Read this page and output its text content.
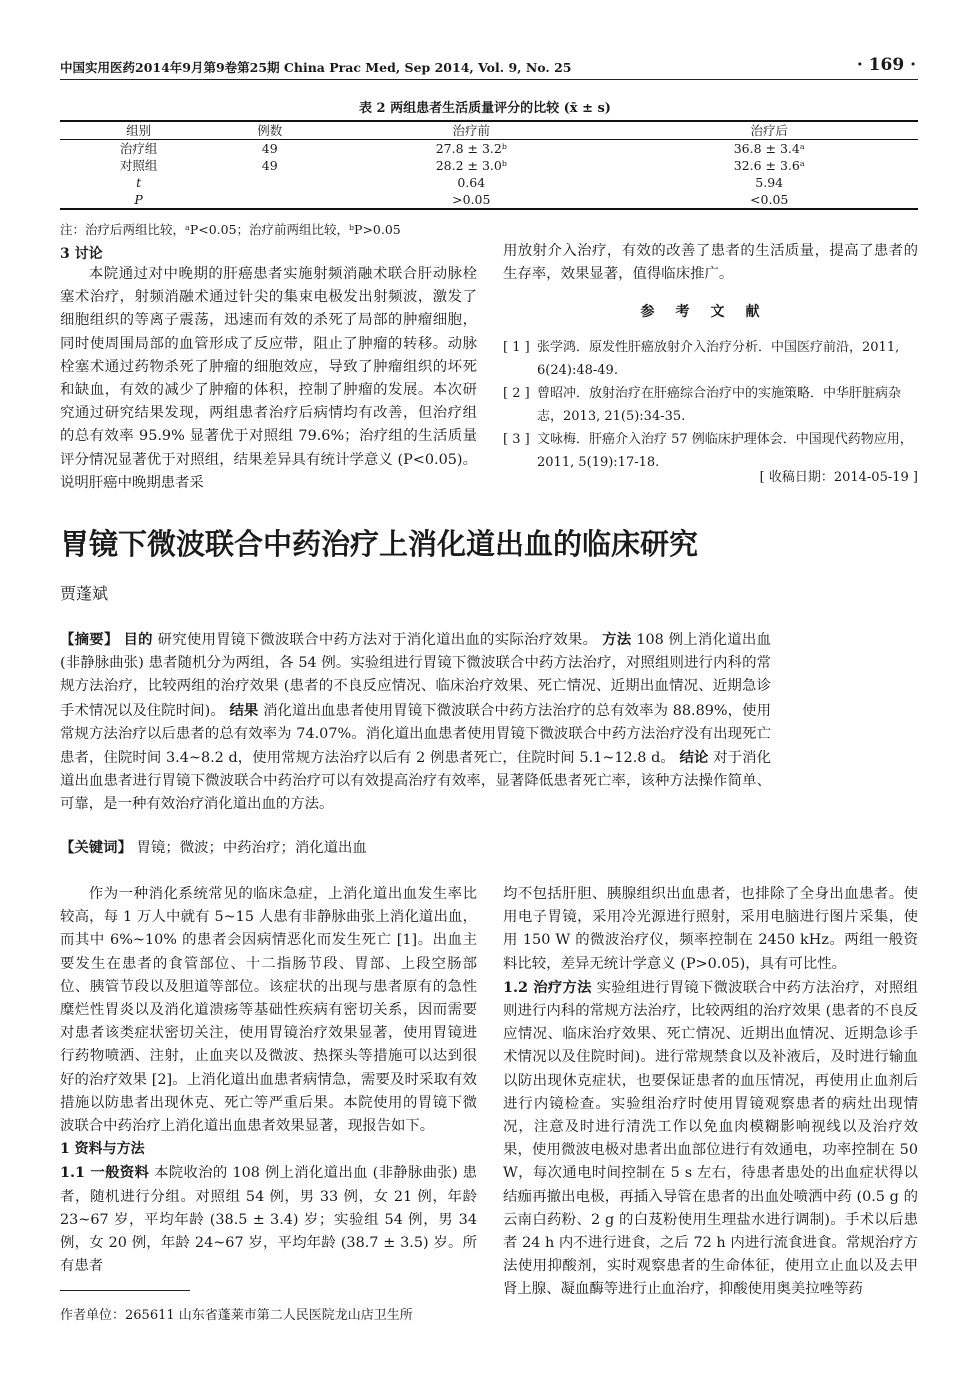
中国实用医药2014年9月第9卷第25期 China Prac Med, Sep 2014, Vol. 9, No. 25	· 169 ·
表 2 两组患者生活质量评分的比较 (x̄ ± s)
组别	例数	治疗前	治疗后
治疗组	49	27.8 ± 3.2ᵇ	36.8 ± 3.4ᵃ
对照组	49	28.2 ± 3.0ᵇ	32.6 ± 3.6ᵃ
t		0.64	5.94
P		>0.05	<0.05
注：治疗后两组比较，ᵃP<0.05；治疗前两组比较，ᵇP>0.05
3 讨论

本院通过对中晚期的肝癌患者实施射频消融术联合肝动脉栓塞术治疗，射频消融术通过针尖的集束电极发出射频波，激发了细胞组织的等离子震荡，迅速而有效的杀死了局部的肿瘤细胞，同时使周围局部的血管形成了反应带，阻止了肿瘤的转移。动脉栓塞术通过药物杀死了肿瘤的细胞效应，导致了肿瘤组织的坏死和缺血，有效的减少了肿瘤的体积，控制了肿瘤的发展。本次研究通过研究结果发现，两组患者治疗后病情均有改善，但治疗组的总有效率 95.9% 显著优于对照组 79.6%；治疗组的生活质量评分情况显著优于对照组，结果差异具有统计学意义 (P<0.05)。说明肝癌中晚期患者采

用放射介入治疗，有效的改善了患者的生活质量，提高了患者的生存率，效果显著，值得临床推广。

参考文献
[ 1 ] 张学鸿．原发性肝癌放射介入治疗分析．中国医疗前沿，2011, 6(24):48-49.
[ 2 ] 曾昭冲．放射治疗在肝癌综合治疗中的实施策略．中华肝脏病杂志，2013, 21(5):34-35.
[ 3 ] 文咏梅．肝癌介入治疗 57 例临床护理体会．中国现代药物应用，2011, 5(19):17-18.
[ 收稿日期：2014-05-19 ]
胃镜下微波联合中药治疗上消化道出血的临床研究
贾蓬斌
【摘要】 目的 研究使用胃镜下微波联合中药方法对于消化道出血的实际治疗效果。 方法 108 例上消化道出血 (非静脉曲张) 患者随机分为两组，各 54 例。实验组进行胃镜下微波联合中药方法治疗，对照组则进行内科的常规方法治疗，比较两组的治疗效果 (患者的不良反应情况、临床治疗效果、死亡情况、近期出血情况、近期急诊手术情况以及住院时间)。 结果 消化道出血患者使用胃镜下微波联合中药方法治疗的总有效率为 88.89%，使用常规方法治疗以后患者的总有效率为 74.07%。消化道出血患者使用胃镜下微波联合中药方法治疗没有出现死亡患者，住院时间 3.4~8.2 d，使用常规方法治疗以后有 2 例患者死亡，住院时间 5.1~12.8 d。 结论 对于消化道出血患者进行胃镜下微波联合中药治疗可以有效提高治疗有效率，显著降低患者死亡率，该种方法操作简单、可靠，是一种有效治疗消化道出血的方法。
【关键词】 胃镜；微波；中药治疗；消化道出血

作为一种消化系统常见的临床急症，上消化道出血发生率比较高，每 1 万人中就有 5~15 人患有非静脉曲张上消化道出血，而其中 6%~10% 的患者会因病情恶化而发生死亡 [1]。出血主要发生在患者的食管部位、十二指肠节段、胃部、上段空肠部位、胰管节段以及胆道等部位。该症状的出现与患者原有的急性糜烂性胃炎以及消化道溃疡等基础性疾病有密切关系，因而需要对患者该类症状密切关注，使用胃镜治疗效果显著，使用胃镜进行药物喷洒、注射，止血夹以及微波、热探头等措施可以达到很好的治疗效果 [2]。上消化道出血患者病情急，需要及时采取有效措施以防患者出现休克、死亡等严重后果。本院使用的胃镜下微波联合中药治疗上消化道出血患者效果显著，现报告如下。

1 资料与方法

1.1 一般资料 本院收治的 108 例上消化道出血 (非静脉曲张) 患者，随机进行分组。对照组 54 例，男 33 例，女 21 例，年龄 23~67 岁，平均年龄 (38.5 ± 3.4) 岁；实验组 54 例，男 34 例，女 20 例，年龄 24~67 岁，平均年龄 (38.7 ± 3.5) 岁。所有患者

均不包括肝胆、胰腺组织出血患者，也排除了全身出血患者。使用电子胃镜，采用冷光源进行照射，采用电脑进行图片采集，使用 150 W 的微波治疗仪，频率控制在 2450 kHz。两组一般资料比较，差异无统计学意义 (P>0.05)，具有可比性。

1.2 治疗方法 实验组进行胃镜下微波联合中药方法治疗，对照组则进行内科的常规方法治疗，比较两组的治疗效果 (患者的不良反应情况、临床治疗效果、死亡情况、近期出血情况、近期急诊手术情况以及住院时间)。进行常规禁食以及补液后，及时进行输血以防出现休克症状，也要保证患者的血压情况，再使用止血剂后进行内镜检查。实验组治疗时使用胃镜观察患者的病灶出现情况，注意及时进行清洗工作以免血肉模糊影响视线以及治疗效果，使用微波电极对患者出血部位进行有效通电，功率控制在 50 W，每次通电时间控制在 5 s 左右，待患者患处的出血症状得以结痂再撤出电极，再插入导管在患者的出血处喷洒中药 (0.5 g 的云南白药粉、2 g 的白芨粉使用生理盐水进行调制)。手术以后患者 24 h 内不进行进食，之后 72 h 内进行流食进食。常规治疗方法使用抑酸剂，实时观察患者的生命体征，使用立止血以及去甲肾上腺、凝血酶等进行止血治疗，抑酸使用奥美拉唑等药

作者单位：265611 山东省蓬莱市第二人民医院龙山店卫生所
